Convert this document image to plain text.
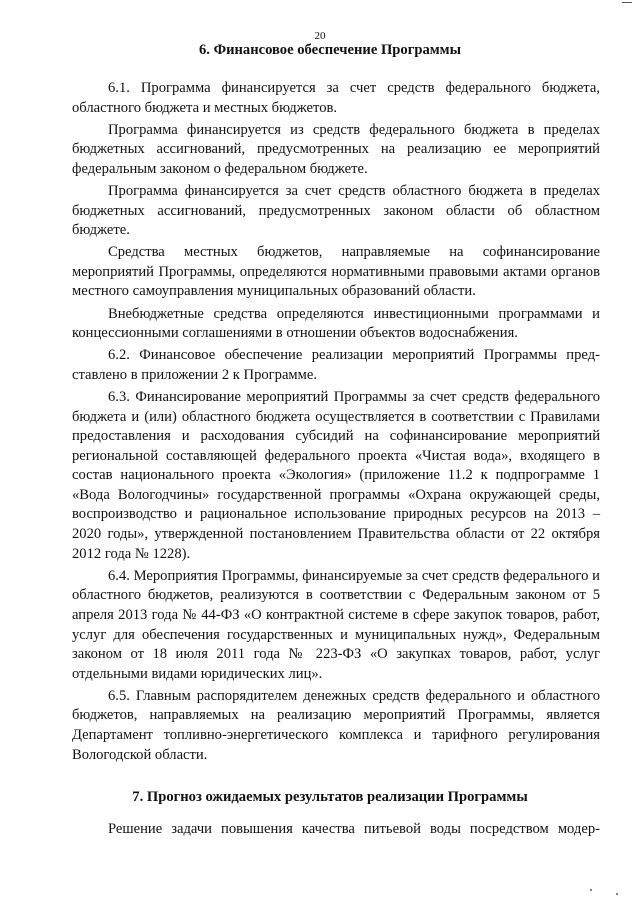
20
6. Финансовое обеспечение Программы

6.1. Программа финансируется за счет средств федерального бюджета, областного бюджета и местных бюджетов.

Программа финансируется из средств федерального бюджета в пределах бюджетных ассигнований, предусмотренных на реализацию ее мероприятий федеральным законом о федеральном бюджете.

Программа финансируется за счет средств областного бюджета в пределах бюджетных ассигнований, предусмотренных законом области об областном бюджете.

Средства местных бюджетов, направляемые на софинансирование мероприятий Программы, определяются нормативными правовыми актами органов местного самоуправления муниципальных образований области.

Внебюджетные средства определяются инвестиционными программами и концессионными соглашениями в отношении объектов водоснабжения.

6.2. Финансовое обеспечение реализации мероприятий Программы представлено в приложении 2 к Программе.

6.3. Финансирование мероприятий Программы за счет средств федерального бюджета и (или) областного бюджета осуществляется в соответствии с Правилами предоставления и расходования субсидий на софинансирование мероприятий региональной составляющей федерального проекта «Чистая вода», входящего в состав национального проекта «Экология» (приложение 11.2 к подпрограмме 1 «Вода Вологодчины» государственной программы «Охрана окружающей среды, воспроизводство и рациональное использование природных ресурсов на 2013 – 2020 годы», утвержденной постановлением Правительства области от 22 октября 2012 года № 1228).

6.4. Мероприятия Программы, финансируемые за счет средств федерального и областного бюджетов, реализуются в соответствии с Федеральным законом от 5 апреля 2013 года № 44-ФЗ «О контрактной системе в сфере закупок товаров, работ, услуг для обеспечения государственных и муниципальных нужд», Федеральным законом от 18 июля 2011 года № 223-ФЗ «О закупках товаров, работ, услуг отдельными видами юридических лиц».

6.5. Главным распорядителем денежных средств федерального и областного бюджетов, направляемых на реализацию мероприятий Программы, является Департамент топливно-энергетического комплекса и тарифного регулирования Вологодской области.

7. Прогноз ожидаемых результатов реализации Программы

Решение задачи повышения качества питьевой воды посредством модер-
